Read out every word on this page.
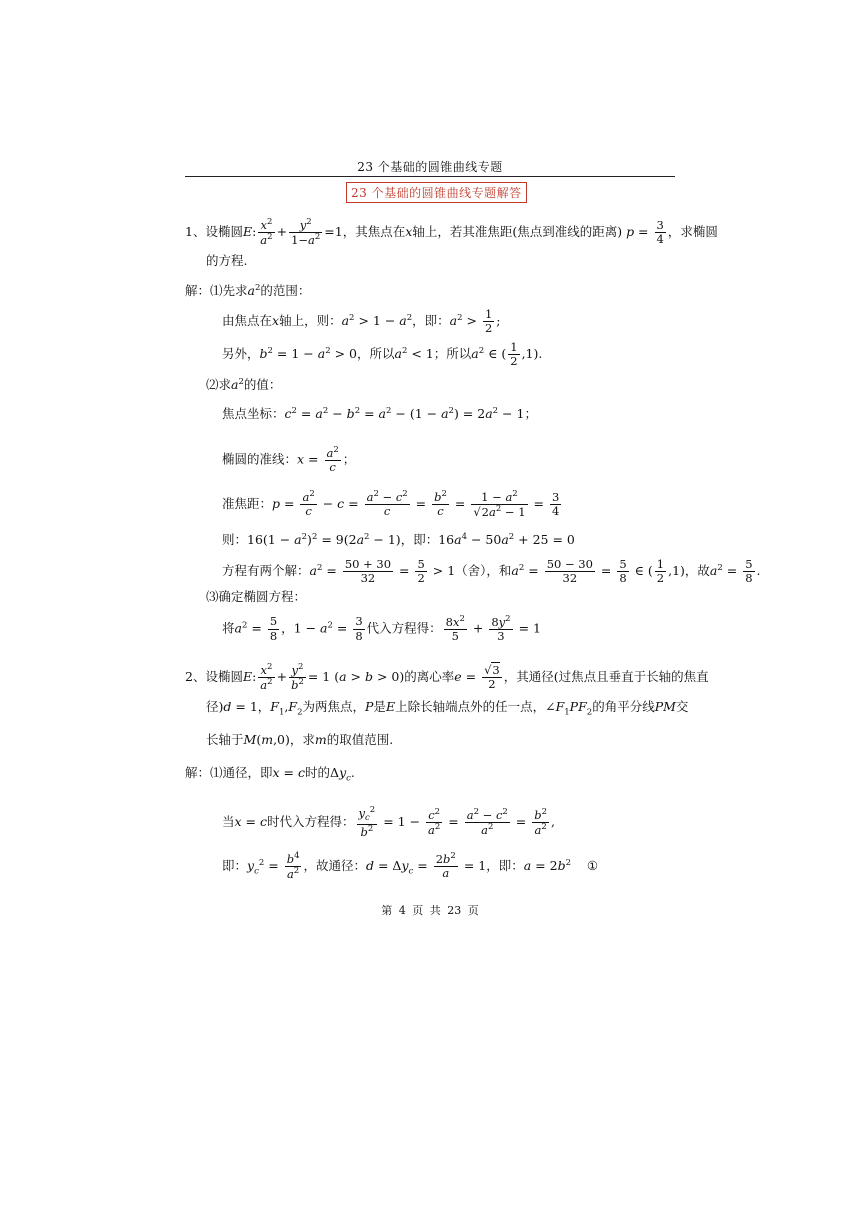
23 个基础的圆锥曲线专题
23 个基础的圆锥曲线专题解答
1、设椭圆E: $\frac{x^2}{a^2} + \frac{y^2}{1-a^2} =1$，其焦点在x轴上，若其准焦距(焦点到准线的距离) $p = \frac{3}{4}$ ，求椭圆
的方程.
解：⑴先求$a^2$的范围：
由焦点在x轴上，则：$a^2 > 1 - a^2$，即：$a^2 > \frac{1}{2}$ ;
另外，$b^2 = 1 - a^2 > 0$，所以$a^2 < 1$；所以$a^2$ ∈ ( $\frac{1}{2} ,1$).
⑵求$a^2$的值：
焦点坐标：$c^2 = a^2 - b^2 = a^2 - (1 - a^2) = 2a^2 - 1$；
椭圆的准线：$x = \frac{a^2}{c}$ ；
准焦距：$p = \frac{a^2}{c} - c = \frac{a^2 - c^2}{c} = \frac{b^2}{c} = \frac{1 - a^2}{√2a^2 - 1} = \frac{3}{4}$
则：$16(1 - a^2)^2 = 9(2a^2 - 1)$，即：$16a^4 - 50a^2 + 25 = 0$
方程有两个解：$a^2 = \frac{50 + 30}{32} = \frac{5}{2} > 1$（舍），和$a^2 = \frac{50 - 30}{32} = \frac{5}{8}$ ∈ ( $\frac{1}{2} ,1$)，故$a^2 = \frac{5}{8}$ .
⑶确定椭圆方程：
将$a^2 = \frac{5}{8}$ ，$1 - a^2 = \frac{3}{8}$ 代入方程得： $\frac{8x^2}{5} + \frac{8y^2}{3} = 1$
2、设椭圆E: $\frac{x^2}{a^2} + \frac{y^2}{b^2} = 1$ (a > b > 0)的离心率$e = \frac{√3}{2}$ ，其通径(过焦点且垂直于长轴的焦直
径)d = 1，$F_1,F_2$为两焦点，P是E上除长轴端点外的任一点，$\angle F_1PF_2$的角平分线PM交
长轴于M(m,0)，求m的取值范围.
解：⑴通径，即x = c时的$\Delta y_c$.
当x = c时代入方程得： $\frac{y_c^2}{b^2} = 1 - \frac{c^2}{a^2} = \frac{a^2 - c^2}{a^2} = \frac{b^2}{a^2}$ ,
即：$y_c^2 = \frac{b^4}{a^2}$ ，故通径：$d = \Delta y_c = \frac{2b^2}{a} = 1$，即：$a = 2b^2$ ①
第 4 页 共 23 页
